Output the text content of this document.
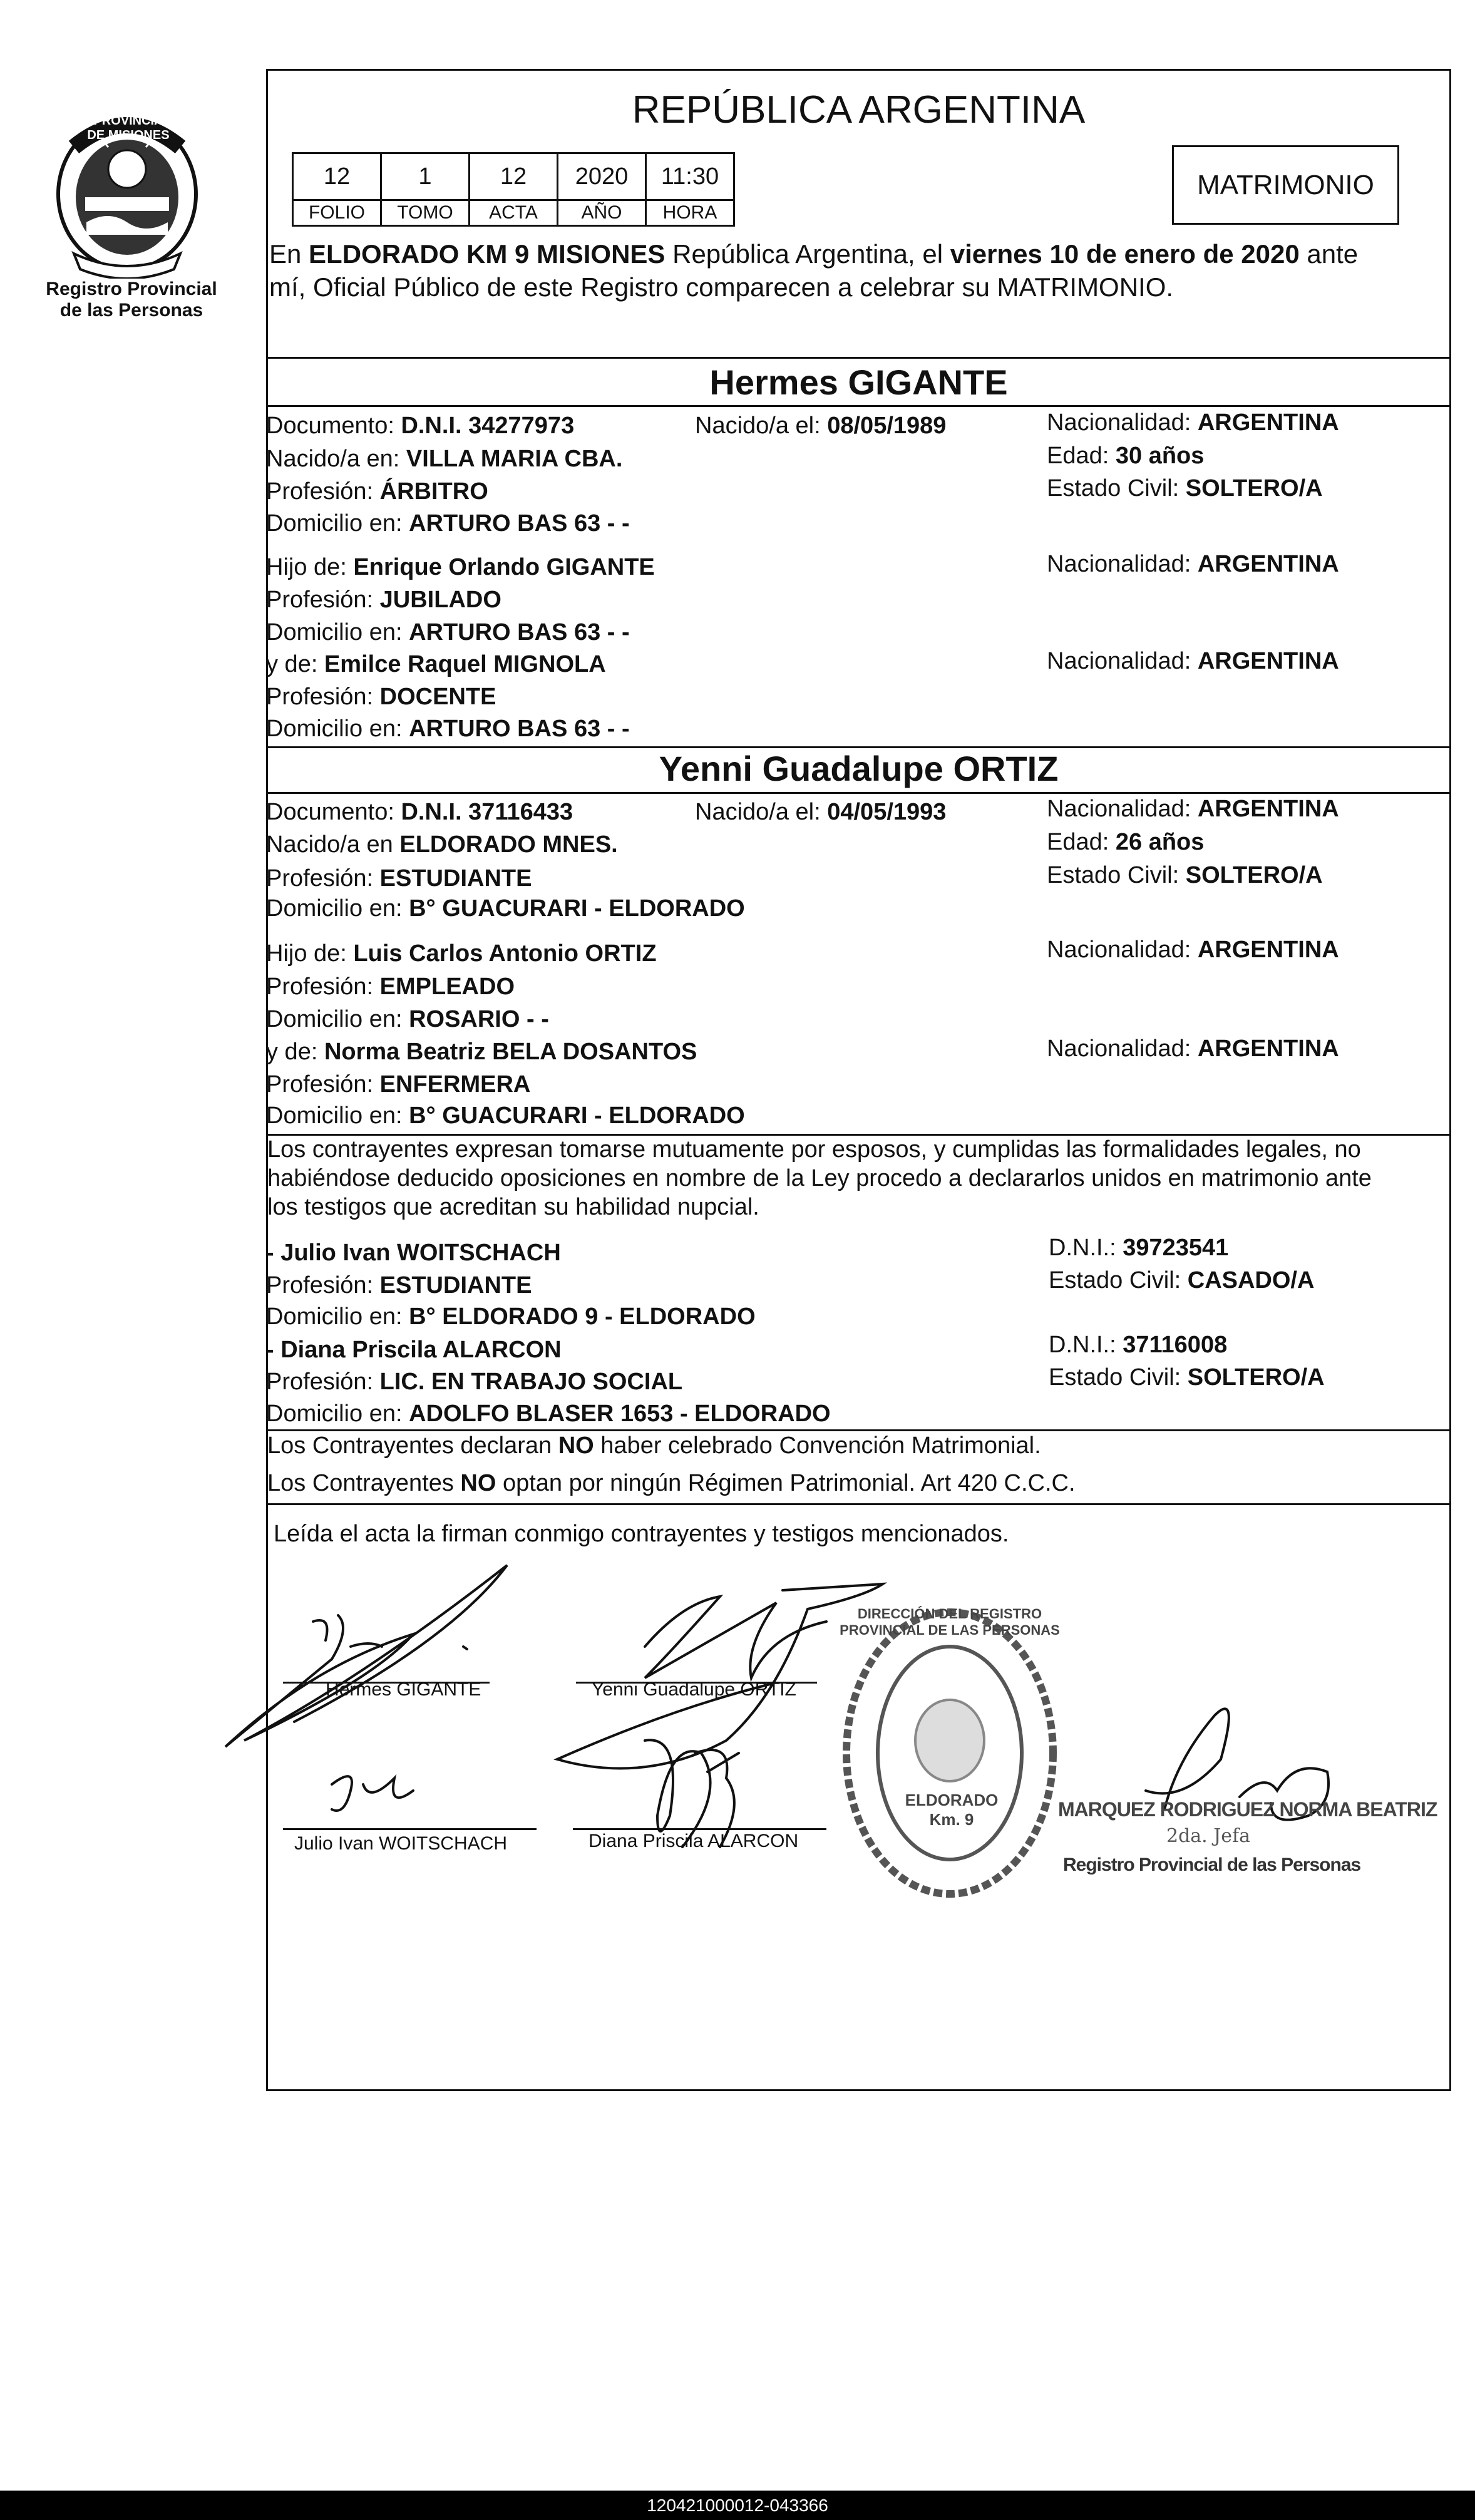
PROVINCIA DE MISIONES
Registro Provincial de las Personas
REPÚBLICA ARGENTINA
12	1	12	2020	11:30
FOLIO	TOMO	ACTA	AÑO	HORA
MATRIMONIO
En ELDORADO KM 9 MISIONES República Argentina, el viernes 10 de enero de 2020 ante
mí, Oficial Público de este Registro comparecen a celebrar su MATRIMONIO.
Hermes GIGANTE
Documento: D.N.I. 34277973	Nacido/a el: 08/05/1989	Nacionalidad: ARGENTINA
Nacido/a en: VILLA MARIA CBA.	Edad: 30 años
Profesión: ÁRBITRO	Estado Civil: SOLTERO/A
Domicilio en: ARTURO BAS 63 - -
Hijo de: Enrique Orlando GIGANTE	Nacionalidad: ARGENTINA
Profesión: JUBILADO
Domicilio en: ARTURO BAS 63 - -
y de: Emilce Raquel MIGNOLA	Nacionalidad: ARGENTINA
Profesión: DOCENTE
Domicilio en: ARTURO BAS 63 - -
Yenni Guadalupe ORTIZ
Documento: D.N.I. 37116433	Nacido/a el: 04/05/1993	Nacionalidad: ARGENTINA
Nacido/a en ELDORADO MNES.	Edad: 26 años
Profesión: ESTUDIANTE	Estado Civil: SOLTERO/A
Domicilio en: B° GUACURARI - ELDORADO
Hijo de: Luis Carlos Antonio ORTIZ	Nacionalidad: ARGENTINA
Profesión: EMPLEADO
Domicilio en: ROSARIO - -
y de: Norma Beatriz BELA DOSANTOS	Nacionalidad: ARGENTINA
Profesión: ENFERMERA
Domicilio en: B° GUACURARI - ELDORADO
Los contrayentes expresan tomarse mutuamente por esposos, y cumplidas las formalidades legales, no
habiéndose deducido oposiciones en nombre de la Ley procedo a declararlos unidos en matrimonio ante
los testigos que acreditan su habilidad nupcial.
- Julio Ivan WOITSCHACH	D.N.I.: 39723541
Profesión: ESTUDIANTE	Estado Civil: CASADO/A
Domicilio en: B° ELDORADO 9 - ELDORADO
- Diana Priscila ALARCON	D.N.I.: 37116008
Profesión: LIC. EN TRABAJO SOCIAL	Estado Civil: SOLTERO/A
Domicilio en: ADOLFO BLASER 1653 - ELDORADO
Los Contrayentes declaran NO haber celebrado Convención Matrimonial.
Los Contrayentes NO optan por ningún Régimen Patrimonial. Art 420 C.C.C.
Leída el acta la firman conmigo contrayentes y testigos mencionados.
Hermes GIGANTE	Yenni Guadalupe ORTIZ
Julio Ivan WOITSCHACH	Diana Priscila ALARCON
DIRECCIÓN DEL REGISTRO PROVINCIAL DE LAS PERSONAS
ELDORADO Km. 9	MARQUEZ RODRIGUEZ NORMA BEATRIZ
2da. Jefa
Registro Provincial de las Personas
120421000012-043366
